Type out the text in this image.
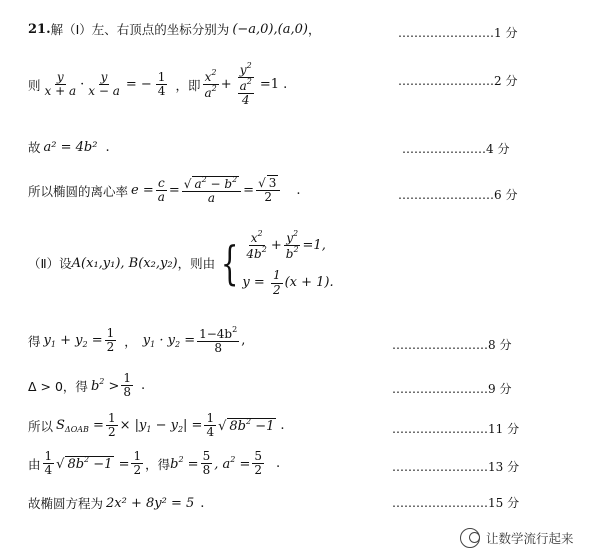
21. 解（Ⅰ）左、右顶点的坐标分别为 (−a,0),(a,0) ，	……………………1 分
则 $\frac{y}{x + a} \cdot \frac{y}{x - a}$ = − $\frac{1}{4}$ ，即 $\frac{x^2}{a^2} + \frac{y^2}{\frac{a^2}{4}} =1$ .	……………………2 分
故 a² = 4b² .	…………………4 分
所以椭圆的离心率 $e = \frac{c}{a} = \frac{√ a^2 - b^2}{a} = \frac{√ 3}{2}$ .	……………………6 分
（Ⅱ）设 A(x₁,y₁), B(x₂,y₂) ，则由 { $\frac{x^2}{4b^2} + \frac{y^2}{b^2} =1$,
$y = \frac{1}{2} (x + 1)$.
得 $y_1 + y_2 = \frac{1}{2}$ ， $y_1 \cdot y_2 = \frac{1-4b^2}{8}$ ,	……………………8 分
Δ > 0，得 $b^2 > \frac{1}{8}$ .	……………………9 分
所以 $S_{\Delta OAB} = \frac{1}{2} \times |y_1 - y_2| = \frac{1}{4}$ √ $8b^2 -1$ .	……………………11 分
由 $\frac{1}{4}$ √ $8b^2 -1 = \frac{1}{2}$ ，得 $b^2 = \frac{5}{8}$ , $a^2 = \frac{5}{2}$ .	……………………13 分
故椭圆方程为 2x² + 8y² = 5 .	……………………15 分
让数学流行起来
